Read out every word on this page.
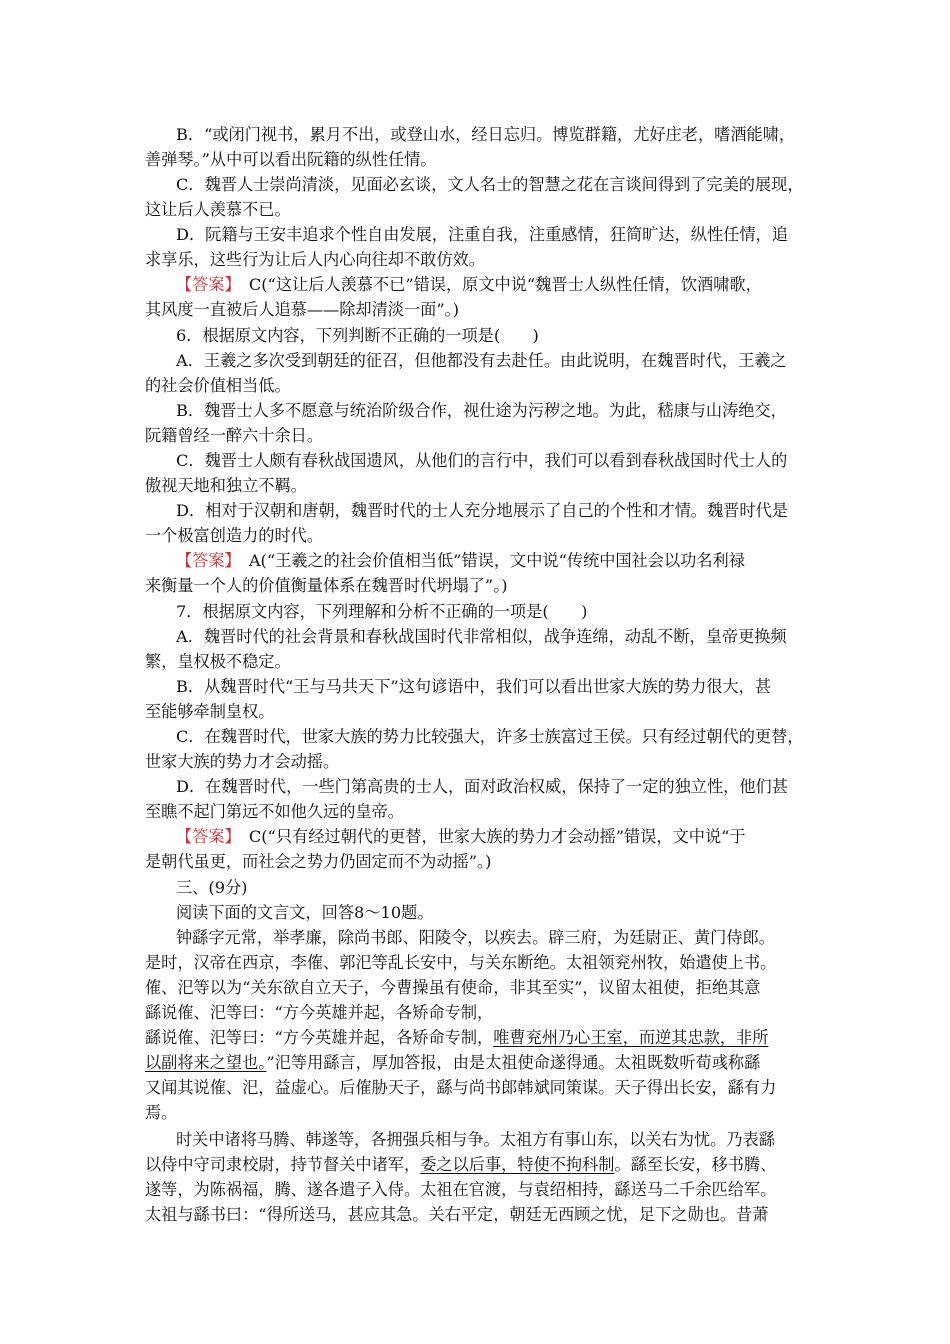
B．“或闭门视书，累月不出，或登山水，经日忘归。博览群籍，尤好庄老，嗜酒能啸，
善弹琴。”从中可以看出阮籍的纵性任情。
C．魏晋人士崇尚清淡，见面必玄谈，文人名士的智慧之花在言谈间得到了完美的展现，
这让后人羡慕不已。
D．阮籍与王安丰追求个性自由发展，注重自我，注重感情，狂简旷达，纵性任情，追
求享乐，这些行为让后人内心向往却不敢仿效。
【答案】　C(“这让后人羡慕不已”错误，原文中说“魏晋士人纵性任情，饮酒啸歌，
其风度一直被后人追慕——除却清淡一面”。)
6．根据原文内容，下列判断不正确的一项是(　　)
A．王羲之多次受到朝廷的征召，但他都没有去赴任。由此说明，在魏晋时代，王羲之
的社会价值相当低。
B．魏晋士人多不愿意与统治阶级合作，视仕途为污秽之地。为此，嵇康与山涛绝交，
阮籍曾经一醉六十余日。
C．魏晋士人颇有春秋战国遗风，从他们的言行中，我们可以看到春秋战国时代士人的
傲视天地和独立不羁。
D．相对于汉朝和唐朝，魏晋时代的士人充分地展示了自己的个性和才情。魏晋时代是
一个极富创造力的时代。
【答案】　A(“王羲之的社会价值相当低”错误，文中说“传统中国社会以功名利禄
来衡量一个人的价值衡量体系在魏晋时代坍塌了”。)
7．根据原文内容，下列理解和分析不正确的一项是(　　)
A．魏晋时代的社会背景和春秋战国时代非常相似，战争连绵，动乱不断，皇帝更换频
繁，皇权极不稳定。
B．从魏晋时代“王与马共天下”这句谚语中，我们可以看出世家大族的势力很大，甚
至能够牵制皇权。
C．在魏晋时代，世家大族的势力比较强大，许多士族富过王侯。只有经过朝代的更替，
世家大族的势力才会动摇。
D．在魏晋时代，一些门第高贵的士人，面对政治权威，保持了一定的独立性，他们甚
至瞧不起门第远不如他久远的皇帝。
【答案】　C(“只有经过朝代的更替，世家大族的势力才会动摇”错误，文中说“于
是朝代虽更，而社会之势力仍固定而不为动摇”。)
三、(9分)
阅读下面的文言文，回答8～10题。
钟繇字元常，举孝廉，除尚书郎、阳陵令，以疾去。辟三府，为廷尉正、黄门侍郎。
是时，汉帝在西京，李傕、郭汜等乱长安中，与关东断绝。太祖领兖州牧，始遣使上书。
傕、汜等以为“关东欲自立天子，今曹操虽有使命，非其至实”，议留太祖使，拒绝其意
繇说傕、汜等曰：“方今英雄并起，各矫命专制，
繇说傕、汜等曰：“方今英雄并起，各矫命专制，唯曹兖州乃心王室，而逆其忠款，非所
以副将来之望也。”汜等用繇言，厚加答报，由是太祖使命遂得通。太祖既数听荀彧称繇
又闻其说傕、汜，益虚心。后傕胁天子，繇与尚书郎韩斌同策谋。天子得出长安，繇有力
焉。
时关中诸将马腾、韩遂等，各拥强兵相与争。太祖方有事山东，以关右为忧。乃表繇
以侍中守司隶校尉，持节督关中诸军，委之以后事，特使不拘科制。繇至长安，移书腾、
遂等，为陈祸福，腾、遂各遣子入侍。太祖在官渡，与袁绍相持，繇送马二千余匹给军。
太祖与繇书曰：“得所送马，甚应其急。关右平定，朝廷无西顾之忧，足下之勋也。昔萧
